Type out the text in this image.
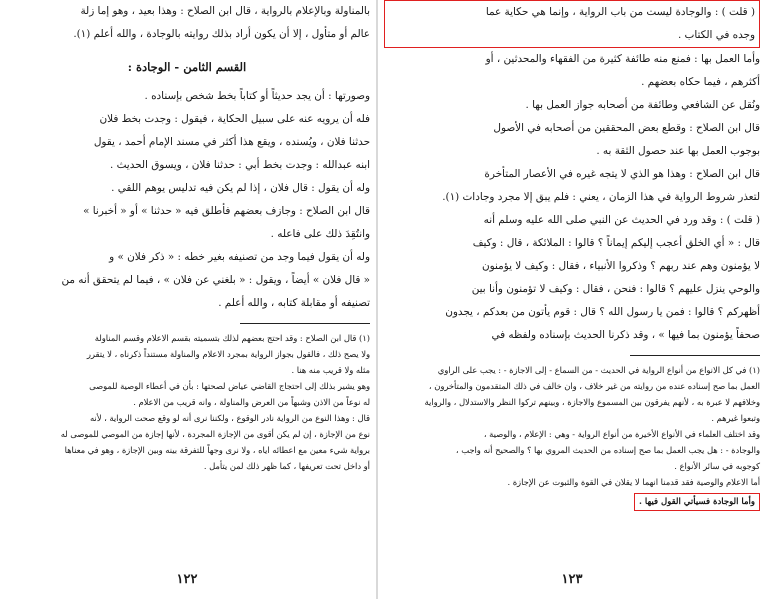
بالمناولة وبالإعلام بالرواية ، قال ابن الصلاح : وهذا بعيد ، وهو إما زلة

عالم أو متأول ، إلا أن يكون أراد بذلك روايته بالوجادة ، والله أعلم (١).

القسم الثامن - الوجادة :

وصورتها : أن يجد حديثاً أو كتاباً بخط شخص بإسناده .

فله أن يرويه عنه على سبيل الحكاية ، فيقول : وجدت بخط فلان

حدثنا فلان ، ويُسنده ، ويقع هذا أكثر في مسند الإمام أحمد ، يقول

ابنه عبدالله : وجدت بخط أبي : حدثنا فلان ، ويسوق الحديث .

وله أن يقول : قال فلان ، إذا لم يكن فيه تدليس يوهم اللقي .

قال ابن الصلاح : وجازف بعضهم فأطلق فيه « حدثنا » أو « أخبرنا »

وانتُقِدَ ذلك على فاعله .

وله أن يقول فيما وجد من تصنيفه بغير خطه : « ذكر فلان » و

« قال فلان » أيضاً ، ويقول : « بلغني عن فلان » ، فيما لم يتحقق أنه من

تصنيفه أو مقابلة كتابه ، والله أعلم .

(١) قال ابن الصلاح : وقد احتج بعضهم لذلك بتسميته بقسم الاعلام وقسم المناولة

ولا يصح ذلك ، فالقول بجواز الرواية بمجرد الاعلام والمناولة مستنداً ذكرناه ، لا يتقرر

مثله ولا قريب منه هنا .

وهو يشير بذلك إلى احتجاج القاضي عياض لصحتها : بأن في أعطاء الوصية للموصى

له نوعاً من الاذن وشبهاً من العرض والمناولة ، وانه قريب من الاعلام .

قال : وهذا النوع من الرواية نادر الوقوع ، ولكننا نرى أنه لو وقع صحت الرواية ، لأنه

نوع من الإجازة ، إن لم يكن أقوى من الإجازة المجردة ، لأنها إجازة من الموصي للموصى له

برواية شيء معين مع اعطائه اياه ، ولا نرى وجهاً للتفرقة بينه وبين الإجازة ، وهو في معناها

أو داخل تحت تعريفها ، كما ظهر ذلك لمن يتأمل .

١٢٢

( قلت ) : والوجادة ليست من باب الرواية ، وإنما هي حكاية عما

وجده في الكتاب .

وأما العمل بها : فمنع منه طائفة كثيرة من الفقهاء والمحدثين ، أو

أكثرهم ، فيما حكاه بعضهم .

ونُقل عن الشافعي وطائفة من أصحابه جواز العمل بها .

قال ابن الصلاح : وقطع بعض المحققين من أصحابه في الأصول

بوجوب العمل بها عند حصول الثقة به .

قال ابن الصلاح : وهذا هو الذي لا يتجه غيره في الأعصار المتأخرة

لتعذر شروط الرواية في هذا الزمان ، يعني : فلم يبق إلا مجرد وجادات (١).

( قلت ) : وقد ورد في الحديث عن النبي صلى الله عليه وسلم أنه

قال : « أي الخلق أعجب إليكم إيماناً ؟ قالوا : الملائكة ، قال : وكيف

لا يؤمنون وهم عند ربهم ؟ وذكروا الأنبياء ، فقال : وكيف لا يؤمنون

والوحي ينزل عليهم ؟ قالوا : فنحن ، فقال : وكيف لا تؤمنون وأنا بين

أظهركم ؟ قالوا : فمن يا رسول الله ؟ قال : قوم يأتون من بعدكم ، يجدون

صحفاً يؤمنون بما فيها » ، وقد ذكرنا الحديث بإسناده ولفظه في

(١) في كل الانواع من أنواع الرواية في الحديث - من السماع - إلى الاجازة - : يجب على الراوي

العمل بما صح إسناده عنده من روايته من غير خلاف ، وان خالف في ذلك المتقدمون والمتأخرون ،

وخلافهم لا عبرة به ، لأنهم يفرقون بين المسموع والاجازة ، وبينهم تركوا النظر والاستدلال ، والرواية

وتبعوا غيرهم .

وقد اختلف العلماء في الأنواع الأخيرة من أنواع الرواية - وهي : الإعلام ، والوصية ،

والوجادة - : هل يجب العمل بما صح إسناده من الحديث المروي بها ؟ والصحيح أنه واجب ،

كوجوبه في سائر الأنواع .

أما الاعلام والوصية فقد قدمنا انهما لا يقلان في القوة والثبوت عن الإجازة .

وأما الوجادة فسيأتي القول فيها .
١٢٣
